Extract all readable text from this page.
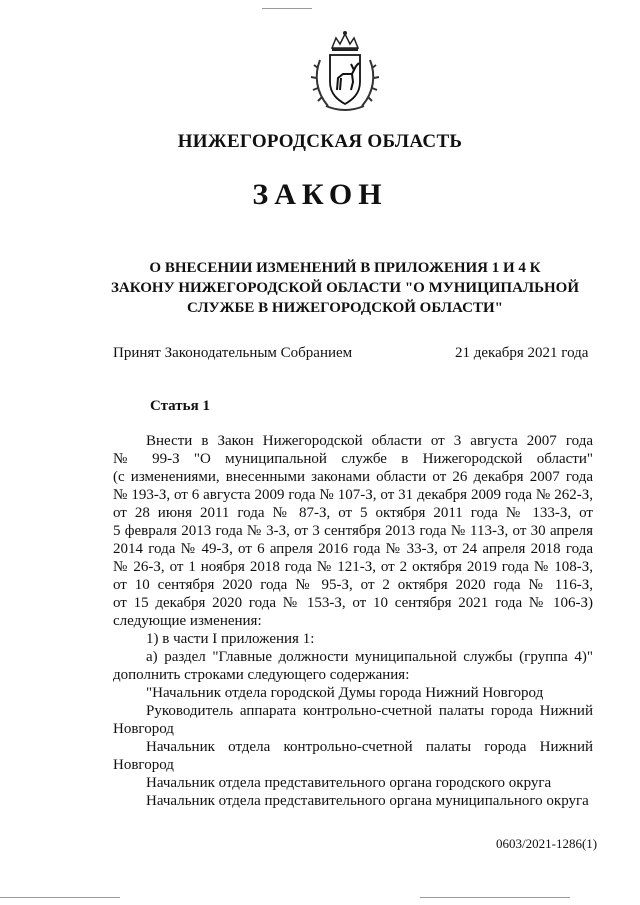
НИЖЕГОРОДСКАЯ ОБЛАСТЬ
ЗАКОН
О ВНЕСЕНИИ ИЗМЕНЕНИЙ В ПРИЛОЖЕНИЯ 1 И 4 К
ЗАКОНУ НИЖЕГОРОДСКОЙ ОБЛАСТИ "О МУНИЦИПАЛЬНОЙ
СЛУЖБЕ В НИЖЕГОРОДСКОЙ ОБЛАСТИ"
Принят Законодательным Собранием	21 декабря 2021 года
Статья 1
Внести в Закон Нижегородской области от 3 августа 2007 года
№ 99-З "О муниципальной службе в Нижегородской области"
(с изменениями, внесенными законами области от 26 декабря 2007 года
№ 193-З, от 6 августа 2009 года № 107-З, от 31 декабря 2009 года № 262-З,
от 28 июня 2011 года № 87-З, от 5 октября 2011 года № 133-З, от
5 февраля 2013 года № 3-З, от 3 сентября 2013 года № 113-З, от 30 апреля
2014 года № 49-З, от 6 апреля 2016 года № 33-З, от 24 апреля 2018 года
№ 26-З, от 1 ноября 2018 года № 121-З, от 2 октября 2019 года № 108-З,
от 10 сентября 2020 года № 95-З, от 2 октября 2020 года № 116-З,
от 15 декабря 2020 года № 153-З, от 10 сентября 2021 года № 106-З)
следующие изменения:
1) в части I приложения 1:
а) раздел "Главные должности муниципальной службы (группа 4)"
дополнить строками следующего содержания:
"Начальник отдела городской Думы города Нижний Новгород
Руководитель аппарата контрольно-счетной палаты города Нижний
Новгород
Начальник отдела контрольно-счетной палаты города Нижний
Новгород
Начальник отдела представительного органа городского округа
Начальник отдела представительного органа муниципального округа
0603/2021-1286(1)
